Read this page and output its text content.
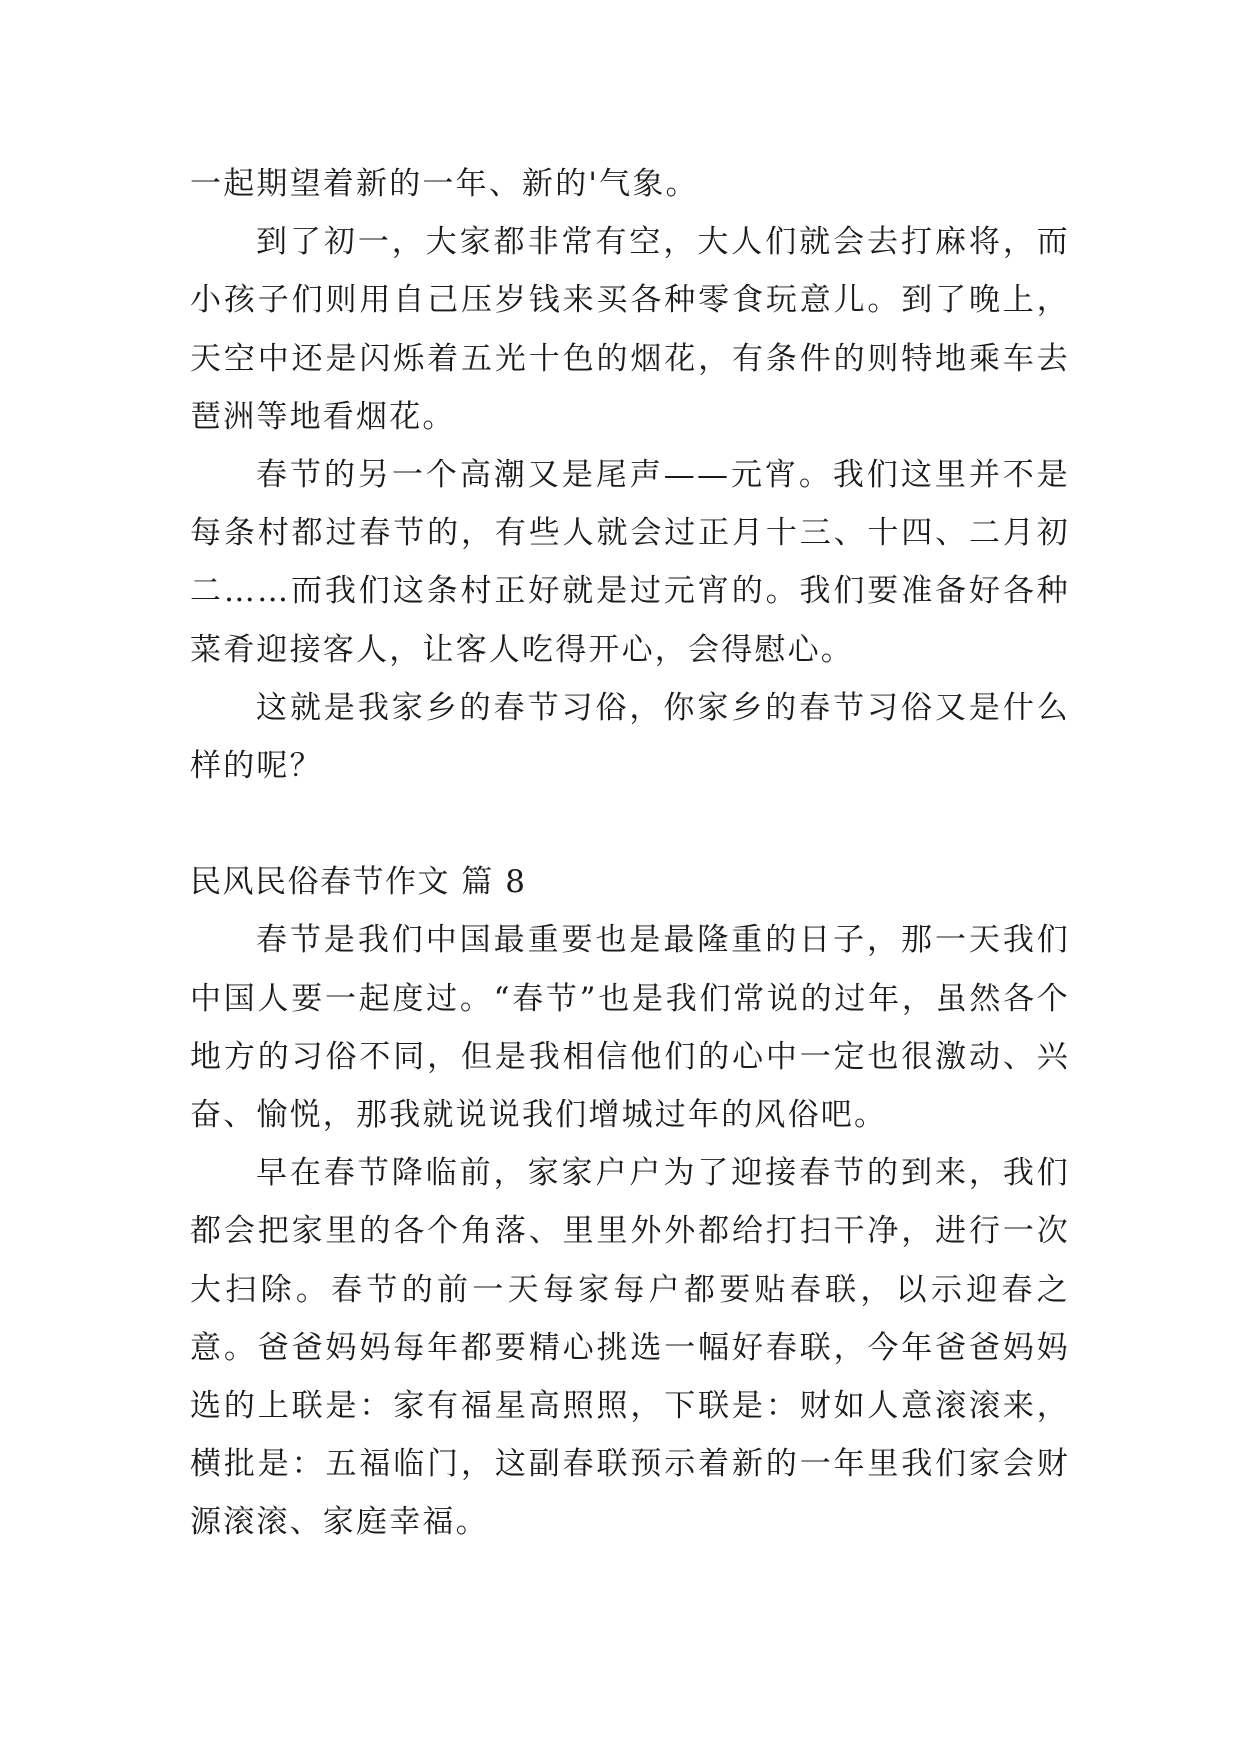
一起期望着新的一年、新的'气象。

到了初一，大家都非常有空，大人们就会去打麻将，而小孩子们则用自己压岁钱来买各种零食玩意儿。到了晚上，天空中还是闪烁着五光十色的烟花，有条件的则特地乘车去琶洲等地看烟花。

春节的另一个高潮又是尾声——元宵。我们这里并不是每条村都过春节的，有些人就会过正月十三、十四、二月初二……而我们这条村正好就是过元宵的。我们要准备好各种菜肴迎接客人，让客人吃得开心，会得慰心。

这就是我家乡的春节习俗，你家乡的春节习俗又是什么样的呢？

民风民俗春节作文 篇 8

春节是我们中国最重要也是最隆重的日子，那一天我们中国人要一起度过。“春节”也是我们常说的过年，虽然各个地方的习俗不同，但是我相信他们的心中一定也很激动、兴奋、愉悦，那我就说说我们增城过年的风俗吧。

早在春节降临前，家家户户为了迎接春节的到来，我们都会把家里的各个角落、里里外外都给打扫干净，进行一次大扫除。春节的前一天每家每户都要贴春联，以示迎春之意。爸爸妈妈每年都要精心挑选一幅好春联，今年爸爸妈妈选的上联是：家有福星高照照，下联是：财如人意滚滚来，横批是：五福临门，这副春联预示着新的一年里我们家会财源滚滚、家庭幸福。
